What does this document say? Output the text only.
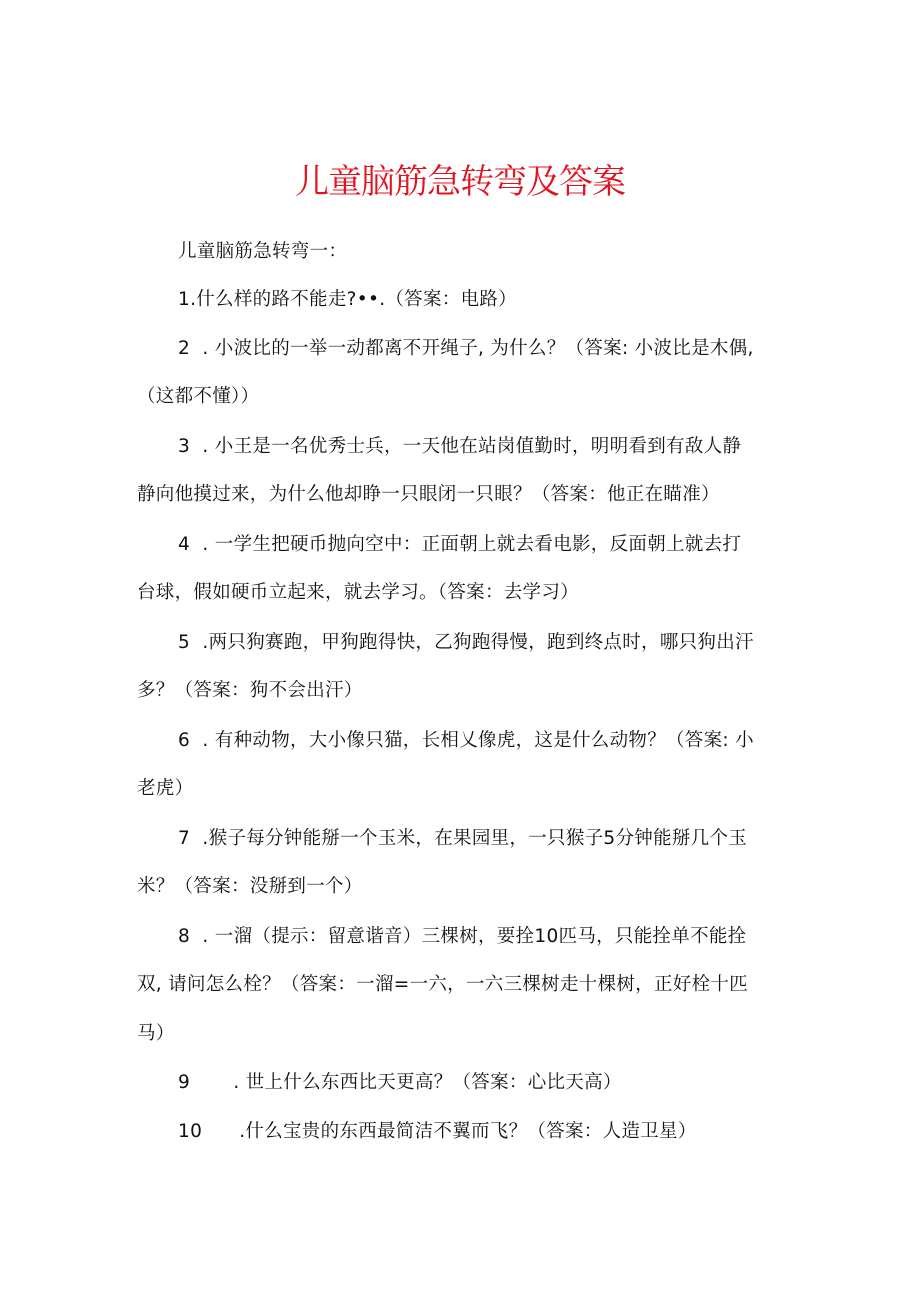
儿童脑筋急转弯及答案
儿童脑筋急转弯一：
1.什么样的路不能走?••.（答案：电路）
2  . 小波比的一举一动都离不开绳子, 为什么？（答案: 小波比是木偶,
（这都不懂））
3  . 小王是一名优秀士兵，一天他在站岗值勤时，明明看到有敌人静
静向他摸过来，为什么他却睁一只眼闭一只眼？（答案：他正在瞄准）
4  . 一学生把硬币抛向空中：正面朝上就去看电影，反面朝上就去打
台球，假如硬币立起来，就去学习。（答案：去学习）
5  .两只狗赛跑，甲狗跑得快，乙狗跑得慢，跑到终点时，哪只狗出汗
多？（答案：狗不会出汗）
6  . 有种动物，大小像只猫，长相乂像虎，这是什么动物？（答案: 小
老虎）
7  .猴子每分钟能掰一个玉米，在果园里，一只猴子5分钟能掰几个玉
米？（答案：没掰到一个）
8  . 一溜（提示：留意谐音）三棵树，要拴10匹马，只能拴单不能拴
双, 请问怎么栓？（答案：一溜=一六，一六三棵树走十棵树，正好栓十匹
马）
9       . 世上什么东西比天更高？（答案：心比天高）
10      .什么宝贵的东西最简洁不翼而飞？（答案：人造卫星）
